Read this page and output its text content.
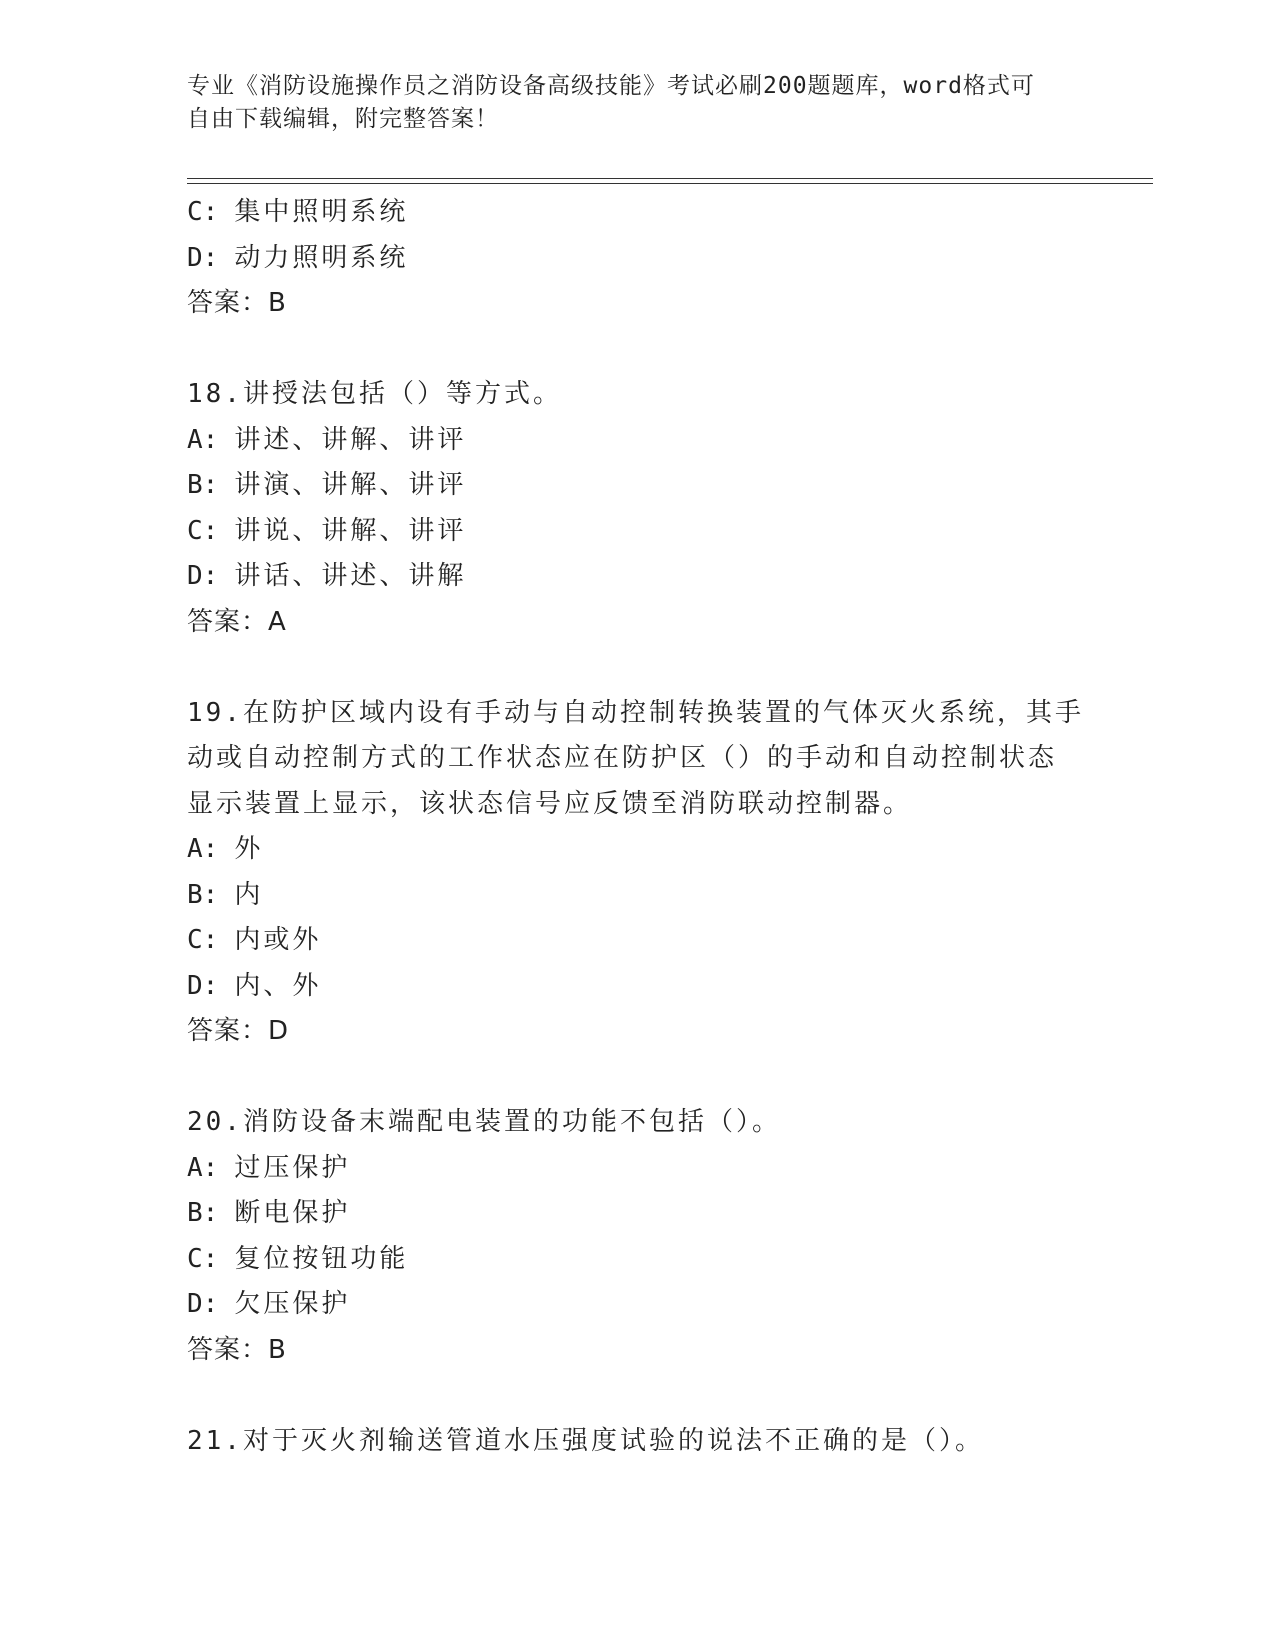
专业《消防设施操作员之消防设备高级技能》考试必刷200题题库，word格式可
自由下载编辑，附完整答案！
C: 集中照明系统
D: 动力照明系统
答案：B
18.讲授法包括（）等方式。
A: 讲述、讲解、讲评
B: 讲演、讲解、讲评
C: 讲说、讲解、讲评
D: 讲话、讲述、讲解
答案：A
19.在防护区域内设有手动与自动控制转换装置的气体灭火系统，其手
动或自动控制方式的工作状态应在防护区（）的手动和自动控制状态
显示装置上显示，该状态信号应反馈至消防联动控制器。
A: 外
B: 内
C: 内或外
D: 内、外
答案：D
20.消防设备末端配电装置的功能不包括（）。
A: 过压保护
B: 断电保护
C: 复位按钮功能
D: 欠压保护
答案：B
21.对于灭火剂输送管道水压强度试验的说法不正确的是（）。
